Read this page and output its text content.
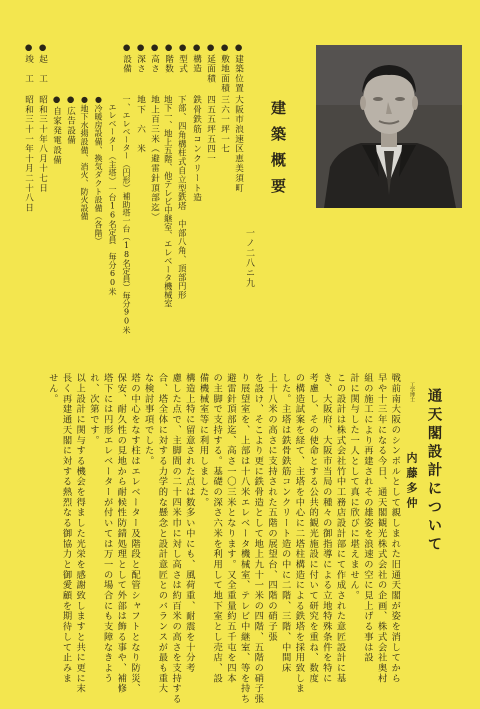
建築概要
一ノ二八ニ九
●建築位置
大阪市浪速区恵美須町
●敷地面積
三六一坪一七
●延面積
四五五坪五四一
●構造
鉄骨鉄筋コンクリート造
●型式
下部、四角構柱式自立型鉄塔　中部八角、頂部円形
●階数
地下一、地上五階、他テレビ中継室、エレベータ機械室
●高さ
地上百三米（避雷針頂部迄）
●深さ
地下　六　米
●設備
一、エレベーター（円形）補助塔一台（18名定員）毎分90米
エレベーター（主塔）一台16名定員　毎分60米
●冷暖房設備、換気ダクト設備（各階）
●地下水揚設備、消火、防火設備
●広告設備
●自家発電設備
●起　工
昭和三十年八月十七日
●竣　工
昭和三十一年十月二十八日
通天閣設計について
工学博士
内藤多仲
戦前南大阪のシンボルとして親しまれた旧通天閣が姿を消してから
早や十三年になる今日、通天閣観光株式会社の企画、株式会社奥村
組の施工により再建されその雄姿を浪速の空に見上げる事は設
計に関与した一人として真に欣びに堪えません。
この設計は株式会社竹中工務店設計部にて作成された意匠設計に基
き、大阪府、大阪市当局の種々の御指導による立地特殊条件を特に
考慮し、その使命とする公共的観光施設に付いて研究を重ね、数度
の構造試案を経て、主塔を中心に二塔柱構造による鉄塔を採用致しま
した。主塔は鉄骨鉄筋コンクリート造の中に二階、三階、中間床
上十八米の高さに支持された五階の展望台、四階の硝子張
を設け、そこより更に鉄骨造として地上九十一米の四階、五階の硝子張
り展望室を、上部は十八米エレベータ機械室、テレビ中継室、等を持ち
避雷針頂部迄、高さ一〇三米となります。又全重量約五千屯を四本
の主脚で支持する。基礎の深さ六米を利用して地下室とし売店、設
備機械室等に利用しました。
構造上特に留意された点は数多い中にも、風荷重、耐震を十分考
慮した点で、主脚間の二十四米巾に対し高さは約百米の高さを支持する
合、塔全体に対する力学的な懸念と設計意匠とのバランスが最も重大
な検討事項でした。
塔の中心をなす柱はエレベーター及階段と配管シャフトとなり防災、
保安、耐久性の見地から耐候性防錆処理として外部は飾る事や、補修
塔下には円形エレベーターが付いては万一の場合にも支障なきよう
れ、次第です。
以上設計に関与する機会を得ました光栄を感謝致しますと共に更に末
長く再建通天閣に対する熱烈なる御協力と御愛顧を期待して止みま
せん。
